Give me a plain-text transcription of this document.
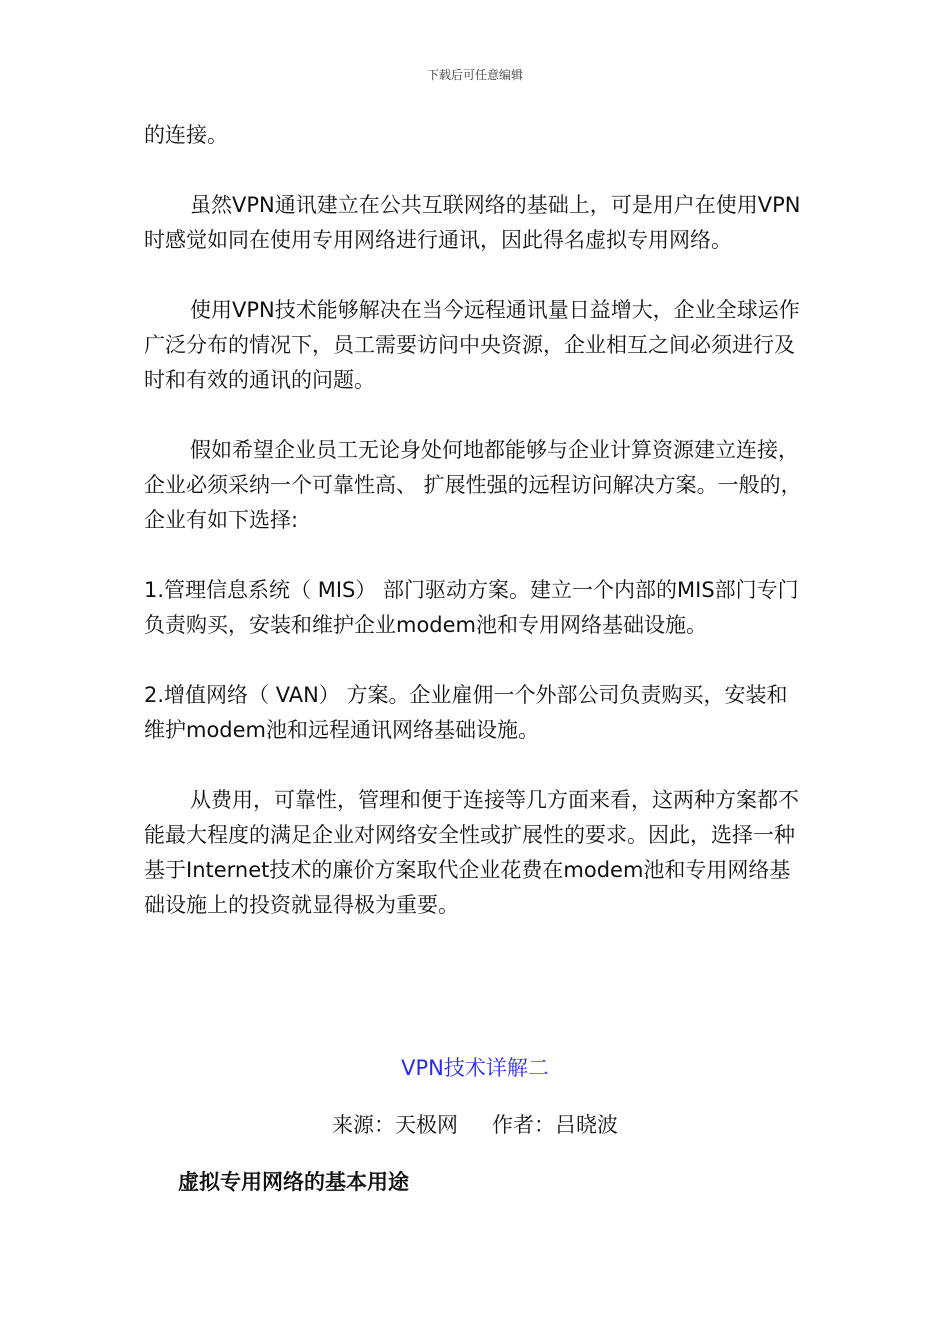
下载后可任意编辑

的连接。

虽然VPN通讯建立在公共互联网络的基础上，可是用户在使用VPN时感觉如同在使用专用网络进行通讯，因此得名虚拟专用网络。

使用VPN技术能够解决在当今远程通讯量日益增大，企业全球运作广泛分布的情况下，员工需要访问中央资源，企业相互之间必须进行及时和有效的通讯的问题。

假如希望企业员工无论身处何地都能够与企业计算资源建立连接，企业必须采纳一个可靠性高、 扩展性强的远程访问解决方案。一般的，企业有如下选择:

1.管理信息系统（ MIS） 部门驱动方案。建立一个内部的MIS部门专门负责购买，安装和维护企业modem池和专用网络基础设施。

2.增值网络（ VAN） 方案。企业雇佣一个外部公司负责购买，安装和维护modem池和远程通讯网络基础设施。

从费用，可靠性，管理和便于连接等几方面来看，这两种方案都不能最大程度的满足企业对网络安全性或扩展性的要求。因此，选择一种基于Internet技术的廉价方案取代企业花费在modem池和专用网络基础设施上的投资就显得极为重要。

VPN技术详解二
来源：天极网 作者：吕晓波
虚拟专用网络的基本用途
